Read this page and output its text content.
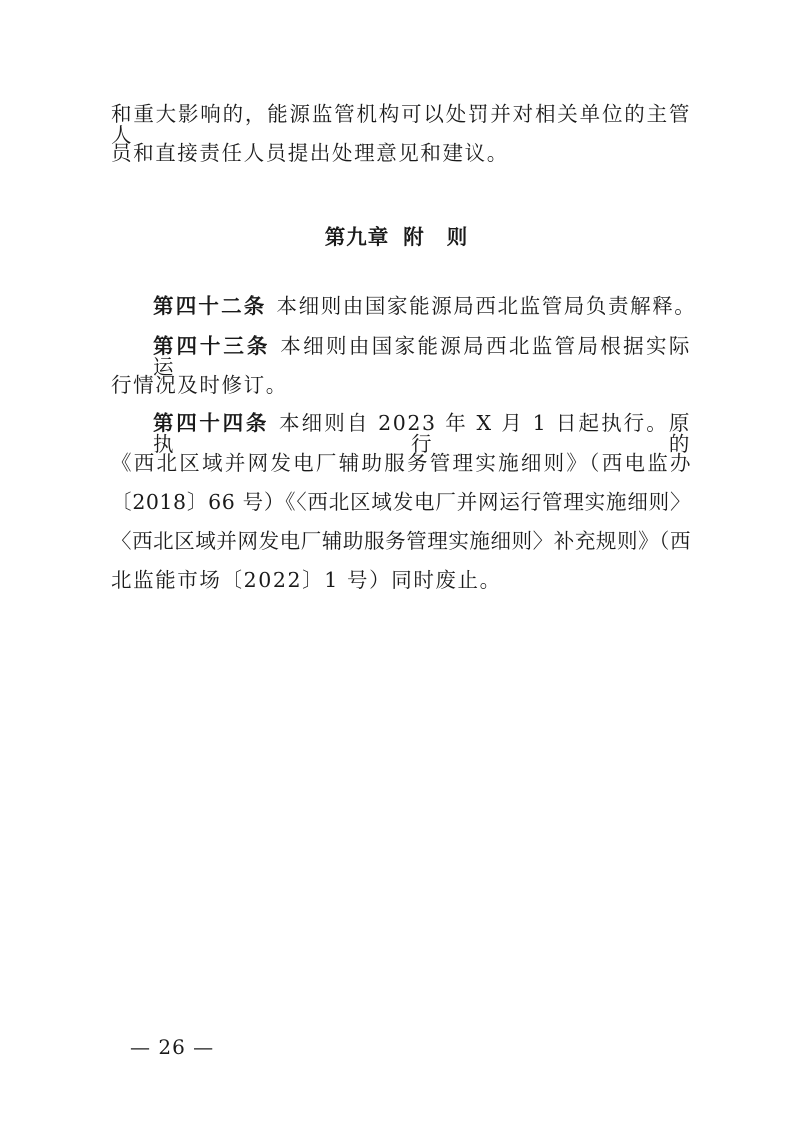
和重大影响的，能源监管机构可以处罚并对相关单位的主管人
员和直接责任人员提出处理意见和建议。
第九章 附 则
第四十二条 本细则由国家能源局西北监管局负责解释。
第四十三条 本细则由国家能源局西北监管局根据实际运
行情况及时修订。
第四十四条 本细则自 2023 年 X 月 1 日起执行。原执行的
《西北区域并网发电厂辅助服务管理实施细则》（西电监办
〔2018〕66 号）《〈西北区域发电厂并网运行管理实施细则〉
〈西北区域并网发电厂辅助服务管理实施细则〉补充规则》（西
北监能市场〔2022〕1 号）同时废止。
— 26 —
